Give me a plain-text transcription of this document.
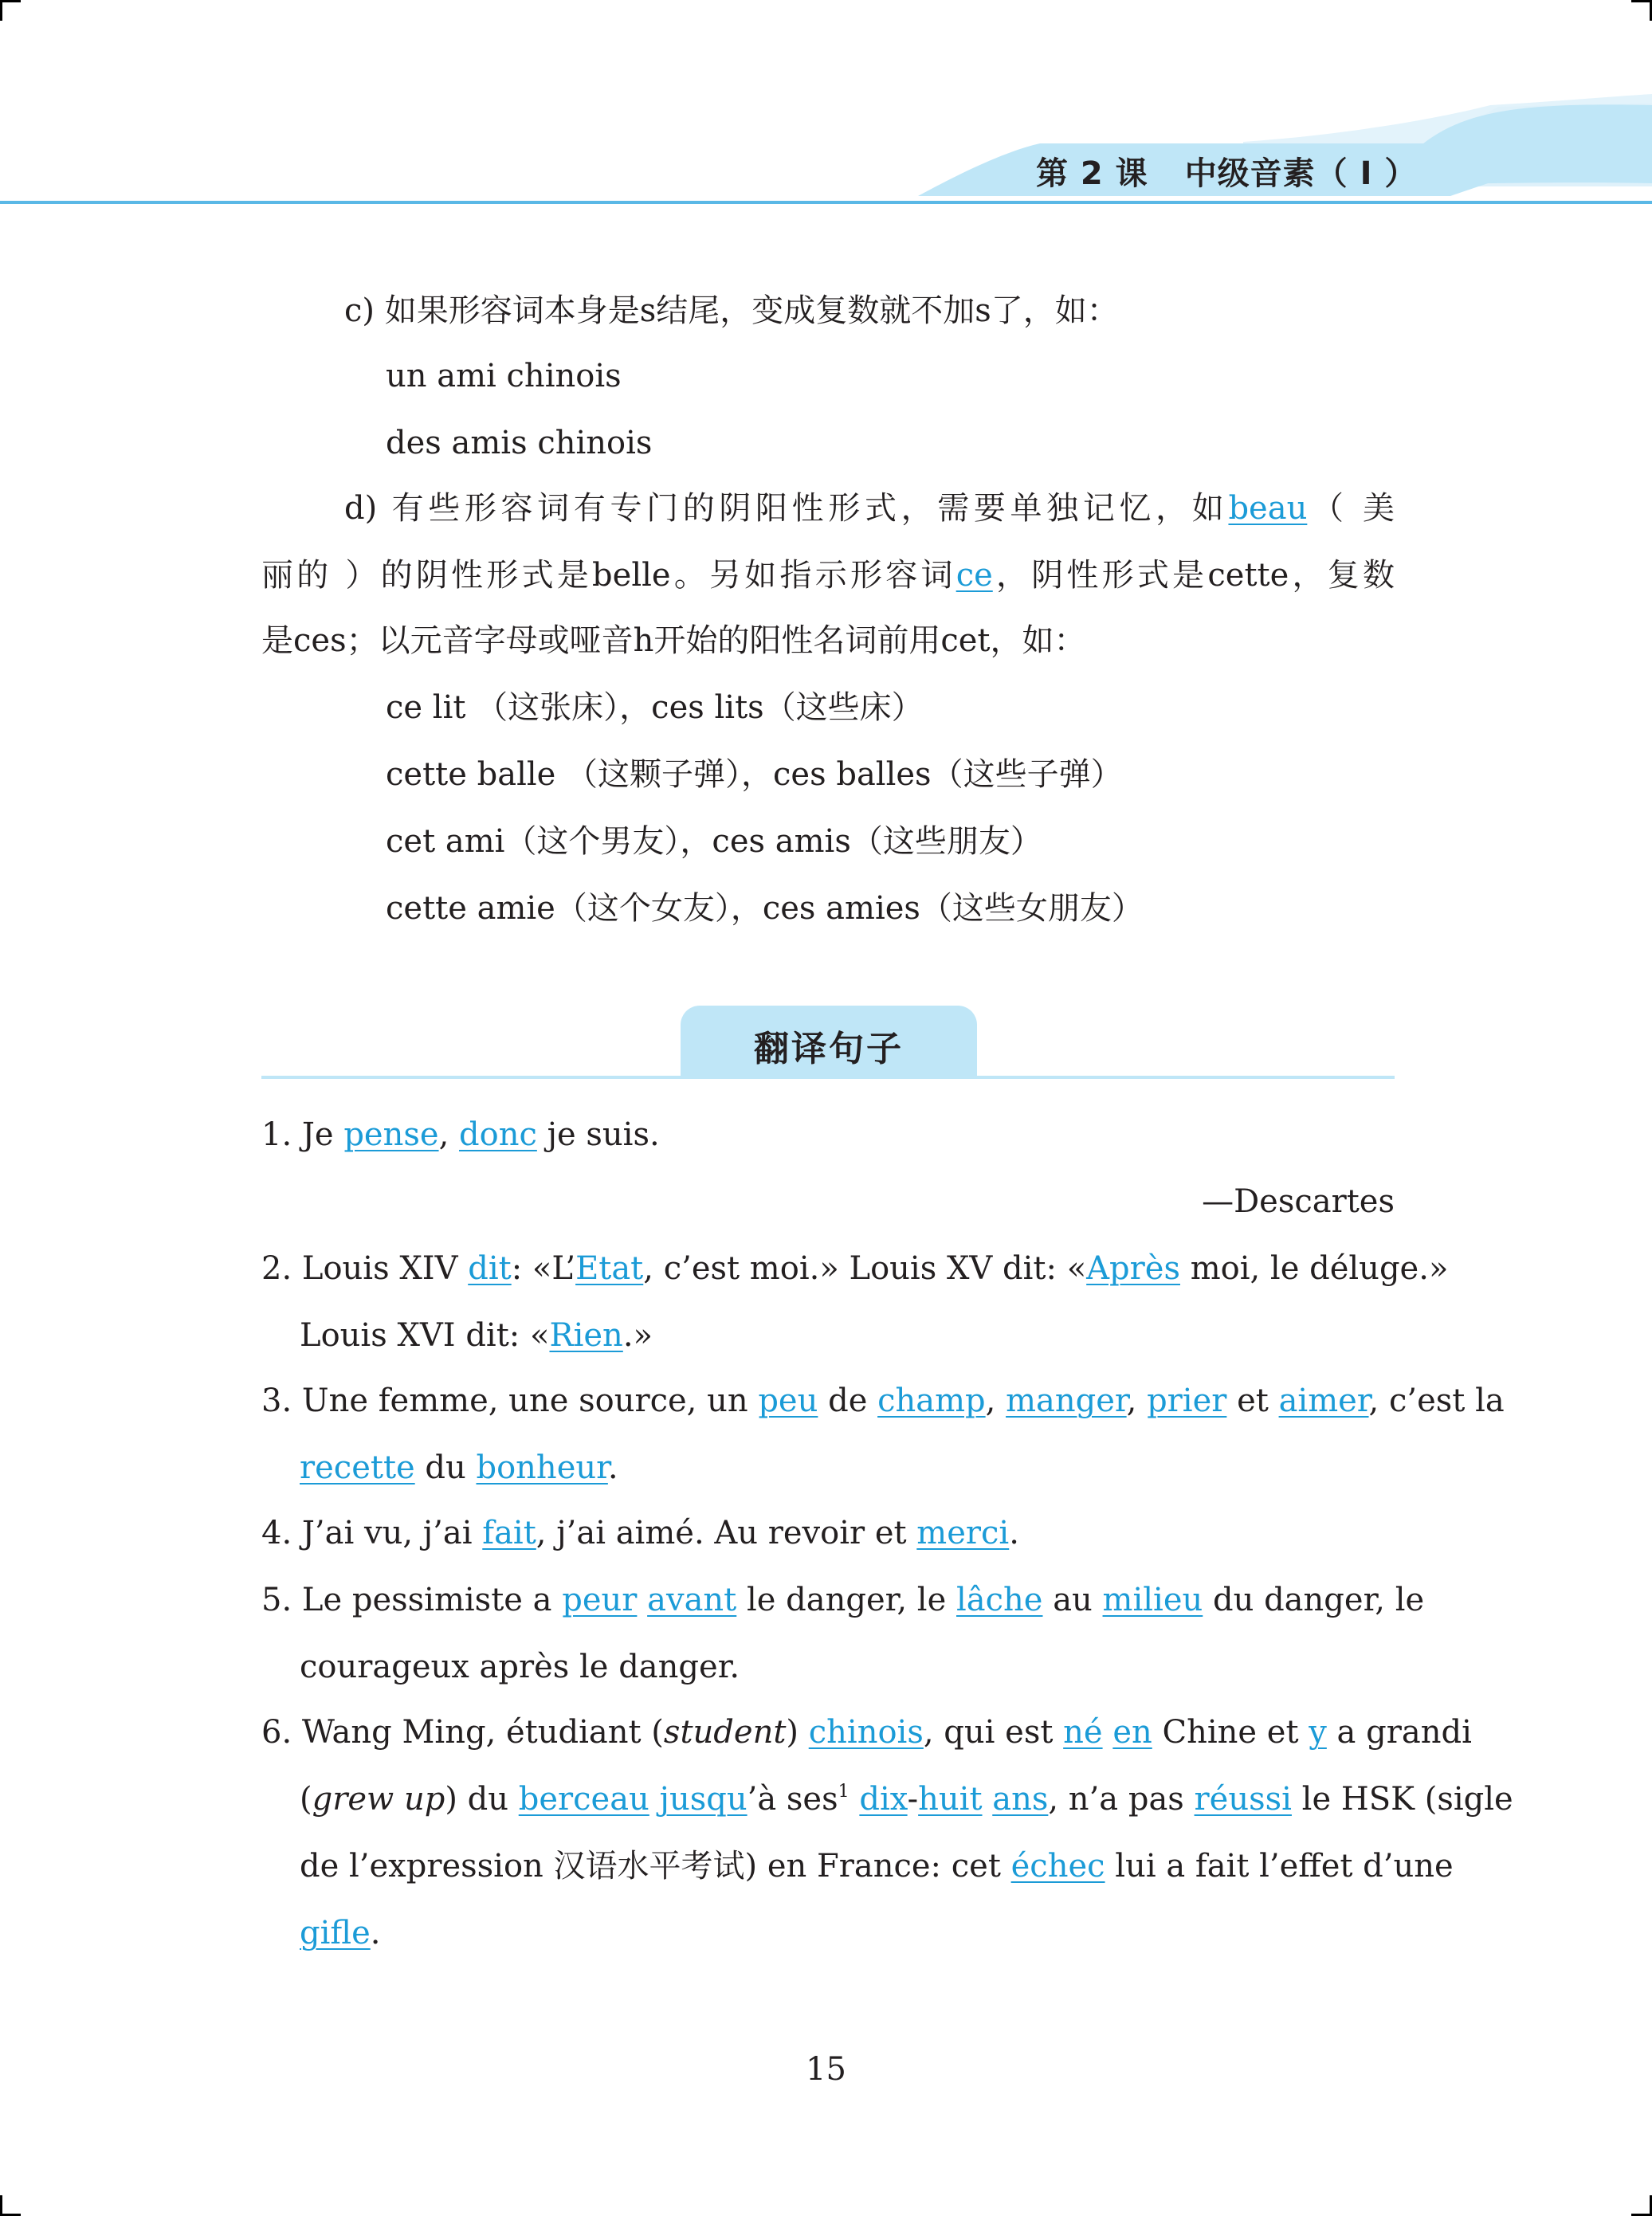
第 2 课 中级音素（ I ）
c) 如果形容词本身是s结尾，变成复数就不加s了，如：
un ami chinois
des amis chinois
d) 有些形容词有专门的阴阳性形式，需要单独记忆，如beau（ 美
丽的 ）的阴性形式是belle。另如指示形容词ce，阴性形式是cette，复数
是ces；以元音字母或哑音h开始的阳性名词前用cet，如：
ce lit （这张床），ces lits（这些床）
cette balle （这颗子弹），ces balles（这些子弹）
cet ami（这个男友），ces amis（这些朋友）
cette amie（这个女友），ces amies（这些女朋友）
翻译句子
1. Je pense, donc je suis.
—Descartes
2. Louis XIV dit: «L’Etat, c’est moi.» Louis XV dit: «Après moi, le déluge.»
Louis XVI dit: «Rien.»
3. Une femme, une source, un peu de champ, manger, prier et aimer, c’est la
recette du bonheur.
4. J’ai vu, j’ai fait, j’ai aimé. Au revoir et merci.
5. Le pessimiste a peur avant le danger, le lâche au milieu du danger, le
courageux après le danger.
6. Wang Ming, étudiant (student) chinois, qui est né en Chine et y a grandi
(grew up) du berceau jusqu’à ses$^1$ dix-huit ans, n’a pas réussi le HSK (sigle
de l’expression 汉语水平考试) en France: cet échec lui a fait l’effet d’une
gifle.
15
